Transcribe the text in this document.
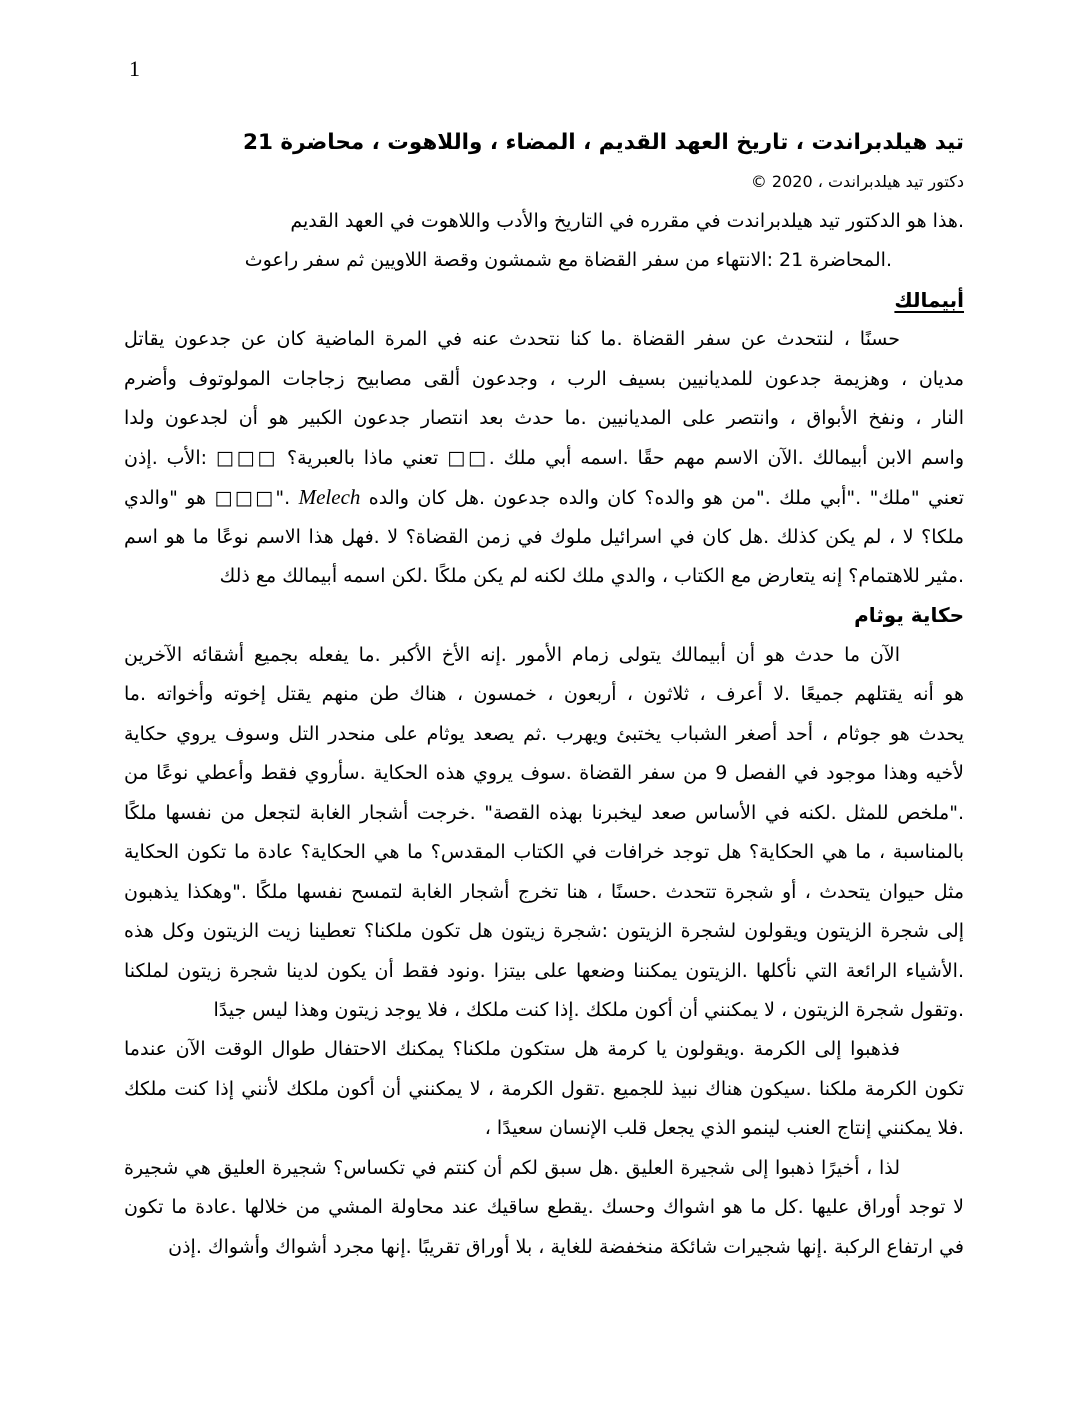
1
تيد هيلدبراندت ، تاريخ العهد القديم ، المضاء ، واللاهوت ، محاضرة 21
دكتور تيد هيلدبراندت ، 2020 ©
.هذا هو الدكتور تيد هيلدبراندت في مقرره في التاريخ والأدب واللاهوت في العهد القديم
.المحاضرة 21 :الانتهاء من سفر القضاة مع شمشون وقصة اللاويين ثم سفر راعوث
أبيمالك
حسنًا ، لنتحدث عن سفر القضاة .ما كنا نتحدث عنه في المرة الماضية كان عن جدعون يقاتل
مديان ، وهزيمة جدعون للمديانيين بسيف الرب ، وجدعون ألقى مصابيح زجاجات المولوتوف وأضرم
النار ، ونفخ الأبواق ، وانتصر على المديانيين .ما حدث بعد انتصار جدعون الكبير هو أن لجدعون ولدا
واسم الابن أبيمالك .الآن الاسم مهم حقًا .اسمه أبي ملك .□□ تعني ماذا بالعبرية؟ □□□ :الأب .إذن
تعني "ملك" ."أبي ملك ."من هو والده؟ كان والده جدعون .هل كان والده Melech ."□□□ هو "والدي
ملكا؟ لا ، لم يكن كذلك .هل كان في اسرائيل ملوك في زمن القضاة؟ لا .فهل هذا الاسم نوعًا ما هو اسم
.مثير للاهتمام؟ إنه يتعارض مع الكتاب ، والدي ملك لكنه لم يكن ملكًا .لكن اسمه أبيمالك مع ذلك
حكاية يوثام
الآن ما حدث هو أن أبيمالك يتولى زمام الأمور .إنه الأخ الأكبر .ما يفعله بجميع أشقائه الآخرين
هو أنه يقتلهم جميعًا .لا أعرف ، ثلاثون ، أربعون ، خمسون ، هناك طن منهم يقتل إخوته وأخواته .ما
يحدث هو جوثام ، أحد أصغر الشباب يختبئ ويهرب .ثم يصعد يوثام على منحدر التل وسوف يروي حكاية
لأخيه وهذا موجود في الفصل 9 من سفر القضاة .سوف يروي هذه الحكاية .سأروي فقط وأعطي نوعًا من
."ملخص للمثل .لكنه في الأساس صعد ليخبرنا بهذه القصة" .خرجت أشجار الغابة لتجعل من نفسها ملكًا
بالمناسبة ، ما هي الحكاية؟ هل توجد خرافات في الكتاب المقدس؟ ما هي الحكاية؟ عادة ما تكون الحكاية
مثل حيوان يتحدث ، أو شجرة تتحدث .حسنًا ، هنا تخرج أشجار الغابة لتمسح نفسها ملكًا ."وهكذا يذهبون
إلى شجرة الزيتون ويقولون لشجرة الزيتون :شجرة زيتون هل تكون ملكنا؟ تعطينا زيت الزيتون وكل هذه
.الأشياء الرائعة التي نأكلها .الزيتون يمكننا وضعها على بيتزا .ونود فقط أن يكون لدينا شجرة زيتون لملكنا
.وتقول شجرة الزيتون ، لا يمكنني أن أكون ملكك .إذا كنت ملكك ، فلا يوجد زيتون وهذا ليس جيدًا
فذهبوا إلى الكرمة .ويقولون يا كرمة هل ستكون ملكنا؟ يمكنك الاحتفال طوال الوقت الآن عندما
تكون الكرمة ملكنا .سيكون هناك نبيذ للجميع .تقول الكرمة ، لا يمكنني أن أكون ملكك لأنني إذا كنت ملكك
.فلا يمكنني إنتاج العنب لينمو الذي يجعل قلب الإنسان سعيدًا ،
لذا ، أخيرًا ذهبوا إلى شجيرة العليق .هل سبق لكم أن كنتم في تكساس؟ شجيرة العليق هي شجيرة
لا توجد أوراق عليها .كل ما هو اشواك وحسك .يقطع ساقيك عند محاولة المشي من خلالها .عادة ما تكون
في ارتفاع الركبة .إنها شجيرات شائكة منخفضة للغاية ، بلا أوراق تقريبًا .إنها مجرد أشواك وأشواك .إذن
